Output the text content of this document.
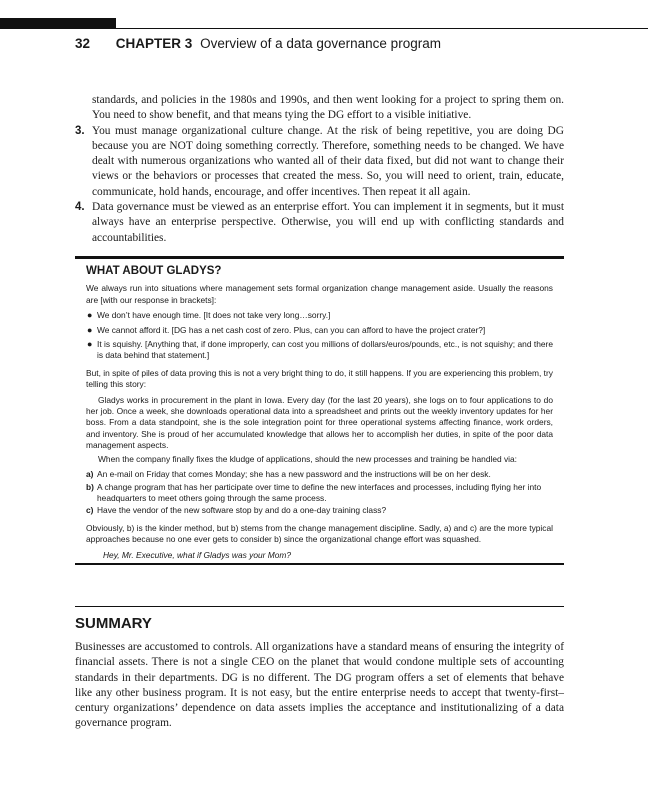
32 CHAPTER 3 Overview of a data governance program
standards, and policies in the 1980s and 1990s, and then went looking for a project to spring them on. You need to show benefit, and that means tying the DG effort to a visible initiative.
3. You must manage organizational culture change. At the risk of being repetitive, you are doing DG because you are NOT doing something correctly. Therefore, something needs to be changed. We have dealt with numerous organizations who wanted all of their data fixed, but did not want to change their views or the behaviors or processes that created the mess. So, you will need to orient, train, educate, communicate, hold hands, encourage, and offer incentives. Then repeat it all again.
4. Data governance must be viewed as an enterprise effort. You can implement it in segments, but it must always have an enterprise perspective. Otherwise, you will end up with conflicting standards and accountabilities.
WHAT ABOUT GLADYS?

We always run into situations where management sets formal organization change management aside. Usually the reasons are [with our response in brackets]:

● We don’t have enough time. [It does not take very long…sorry.]
● We cannot afford it. [DG has a net cash cost of zero. Plus, can you can afford to have the project crater?]
● It is squishy. [Anything that, if done improperly, can cost you millions of dollars/euros/pounds, etc., is not squishy; and there is data behind that statement.]

But, in spite of piles of data proving this is not a very bright thing to do, it still happens. If you are experiencing this problem, try telling this story:

Gladys works in procurement in the plant in Iowa. Every day (for the last 20 years), she logs on to four applications to do her job. Once a week, she downloads operational data into a spreadsheet and prints out the weekly inventory updates for her boss. From a data standpoint, she is the sole integration point for three operational systems affecting finance, work orders, and inventory. She is proud of her accumulated knowledge that allows her to accomplish her duties, in spite of the poor data management aspects.

When the company finally fixes the kludge of applications, should the new processes and training be handled via:

a) An e-mail on Friday that comes Monday; she has a new password and the instructions will be on her desk.
b) A change program that has her participate over time to define the new interfaces and processes, including flying her into headquarters to meet others going through the same process.
c) Have the vendor of the new software stop by and do a one-day training class?

Obviously, b) is the kinder method, but b) stems from the change management discipline. Sadly, a) and c) are the more typical approaches because no one ever gets to consider b) since the organizational change effort was squashed.

Hey, Mr. Executive, what if Gladys was your Mom?
SUMMARY

Businesses are accustomed to controls. All organizations have a standard means of ensuring the integrity of financial assets. There is not a single CEO on the planet that would condone multiple sets of accounting standards in their departments. DG is no different. The DG program offers a set of elements that behave like any other business program. It is not easy, but the entire enterprise needs to accept that twenty-first–century organizations’ dependence on data assets implies the acceptance and institutionalizing of a data governance program.
